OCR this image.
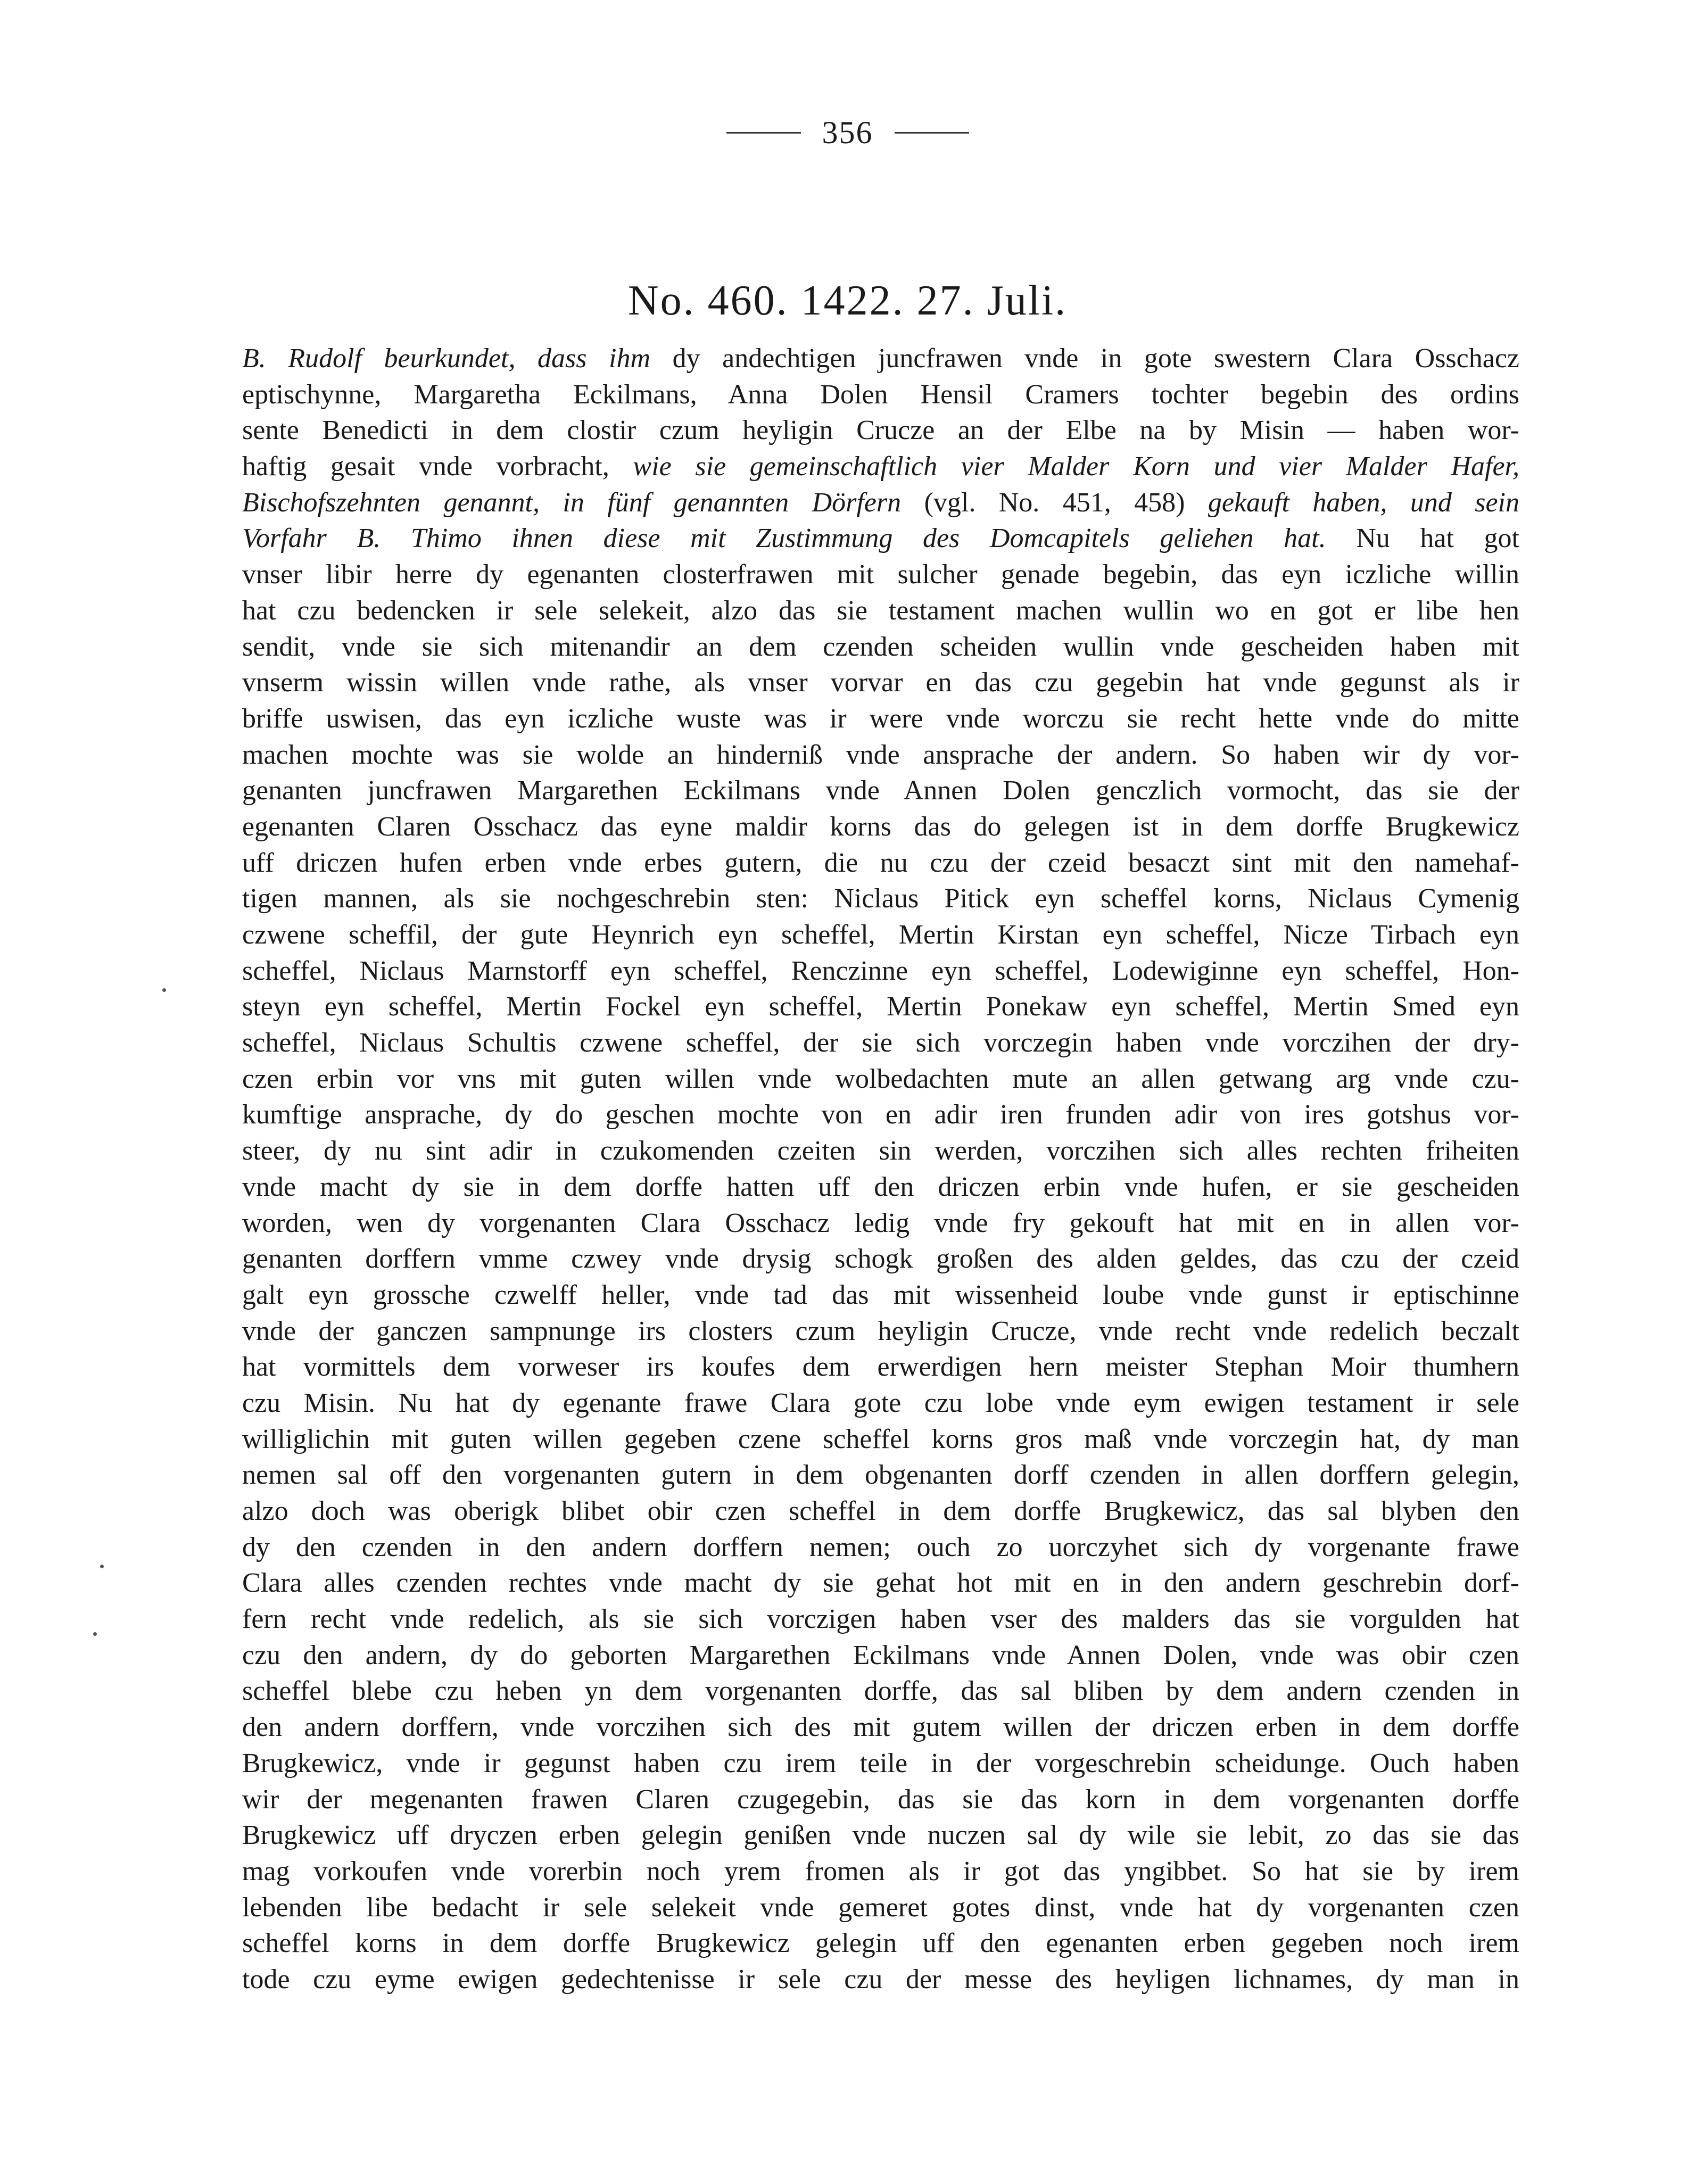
356
No. 460. 1422. 27. Juli.
B. Rudolf beurkundet, dass ihm dy andechtigen juncfrawen vnde in gote swestern Clara Osschacz
eptischynne, Margaretha Eckilmans, Anna Dolen Hensil Cramers tochter begebin des ordins
sente Benedicti in dem clostir czum heyligin Crucze an der Elbe na by Misin — haben wor-
haftig gesait vnde vorbracht, wie sie gemeinschaftlich vier Malder Korn und vier Malder Hafer,
Bischofszehnten genannt, in fünf genannten Dörfern (vgl. No. 451, 458) gekauft haben, und sein
Vorfahr B. Thimo ihnen diese mit Zustimmung des Domcapitels geliehen hat. Nu hat got
vnser libir herre dy egenanten closterfrawen mit sulcher genade begebin, das eyn iczliche willin
hat czu bedencken ir sele selekeit, alzo das sie testament machen wullin wo en got er libe hen
sendit, vnde sie sich mitenandir an dem czenden scheiden wullin vnde gescheiden haben mit
vnserm wissin willen vnde rathe, als vnser vorvar en das czu gegebin hat vnde gegunst als ir
briffe uswisen, das eyn iczliche wuste was ir were vnde worczu sie recht hette vnde do mitte
machen mochte was sie wolde an hinderniß vnde ansprache der andern. So haben wir dy vor-
genanten juncfrawen Margarethen Eckilmans vnde Annen Dolen genczlich vormocht, das sie der
egenanten Claren Osschacz das eyne maldir korns das do gelegen ist in dem dorffe Brugkewicz
uff driczen hufen erben vnde erbes gutern, die nu czu der czeid besaczt sint mit den namehaf-
tigen mannen, als sie nochgeschrebin sten: Niclaus Pitick eyn scheffel korns, Niclaus Cymenig
czwene scheffil, der gute Heynrich eyn scheffel, Mertin Kirstan eyn scheffel, Nicze Tirbach eyn
scheffel, Niclaus Marnstorff eyn scheffel, Renczinne eyn scheffel, Lodewiginne eyn scheffel, Hon-
steyn eyn scheffel, Mertin Fockel eyn scheffel, Mertin Ponekaw eyn scheffel, Mertin Smed eyn
scheffel, Niclaus Schultis czwene scheffel, der sie sich vorczegin haben vnde vorczihen der dry-
czen erbin vor vns mit guten willen vnde wolbedachten mute an allen getwang arg vnde czu-
kumftige ansprache, dy do geschen mochte von en adir iren frunden adir von ires gotshus vor-
steer, dy nu sint adir in czukomenden czeiten sin werden, vorczihen sich alles rechten friheiten
vnde macht dy sie in dem dorffe hatten uff den driczen erbin vnde hufen, er sie gescheiden
worden, wen dy vorgenanten Clara Osschacz ledig vnde fry gekouft hat mit en in allen vor-
genanten dorffern vmme czwey vnde drysig schogk großen des alden geldes, das czu der czeid
galt eyn grossche czwelff heller, vnde tad das mit wissenheid loube vnde gunst ir eptischinne
vnde der ganczen sampnunge irs closters czum heyligin Crucze, vnde recht vnde redelich beczalt
hat vormittels dem vorweser irs koufes dem erwerdigen hern meister Stephan Moir thumhern
czu Misin. Nu hat dy egenante frawe Clara gote czu lobe vnde eym ewigen testament ir sele
williglichin mit guten willen gegeben czene scheffel korns gros maß vnde vorczegin hat, dy man
nemen sal off den vorgenanten gutern in dem obgenanten dorff czenden in allen dorffern gelegin,
alzo doch was oberigk blibet obir czen scheffel in dem dorffe Brugkewicz, das sal blyben den
dy den czenden in den andern dorffern nemen; ouch zo uorczyhet sich dy vorgenante frawe
Clara alles czenden rechtes vnde macht dy sie gehat hot mit en in den andern geschrebin dorf-
fern recht vnde redelich, als sie sich vorczigen haben vser des malders das sie vorgulden hat
czu den andern, dy do geborten Margarethen Eckilmans vnde Annen Dolen, vnde was obir czen
scheffel blebe czu heben yn dem vorgenanten dorffe, das sal bliben by dem andern czenden in
den andern dorffern, vnde vorczihen sich des mit gutem willen der driczen erben in dem dorffe
Brugkewicz, vnde ir gegunst haben czu irem teile in der vorgeschrebin scheidunge. Ouch haben
wir der megenanten frawen Claren czugegebin, das sie das korn in dem vorgenanten dorffe
Brugkewicz uff dryczen erben gelegin genißen vnde nuczen sal dy wile sie lebit, zo das sie das
mag vorkoufen vnde vorerbin noch yrem fromen als ir got das yngibbet. So hat sie by irem
lebenden libe bedacht ir sele selekeit vnde gemeret gotes dinst, vnde hat dy vorgenanten czen
scheffel korns in dem dorffe Brugkewicz gelegin uff den egenanten erben gegeben noch irem
tode czu eyme ewigen gedechtenisse ir sele czu der messe des heyligen lichnames, dy man in
